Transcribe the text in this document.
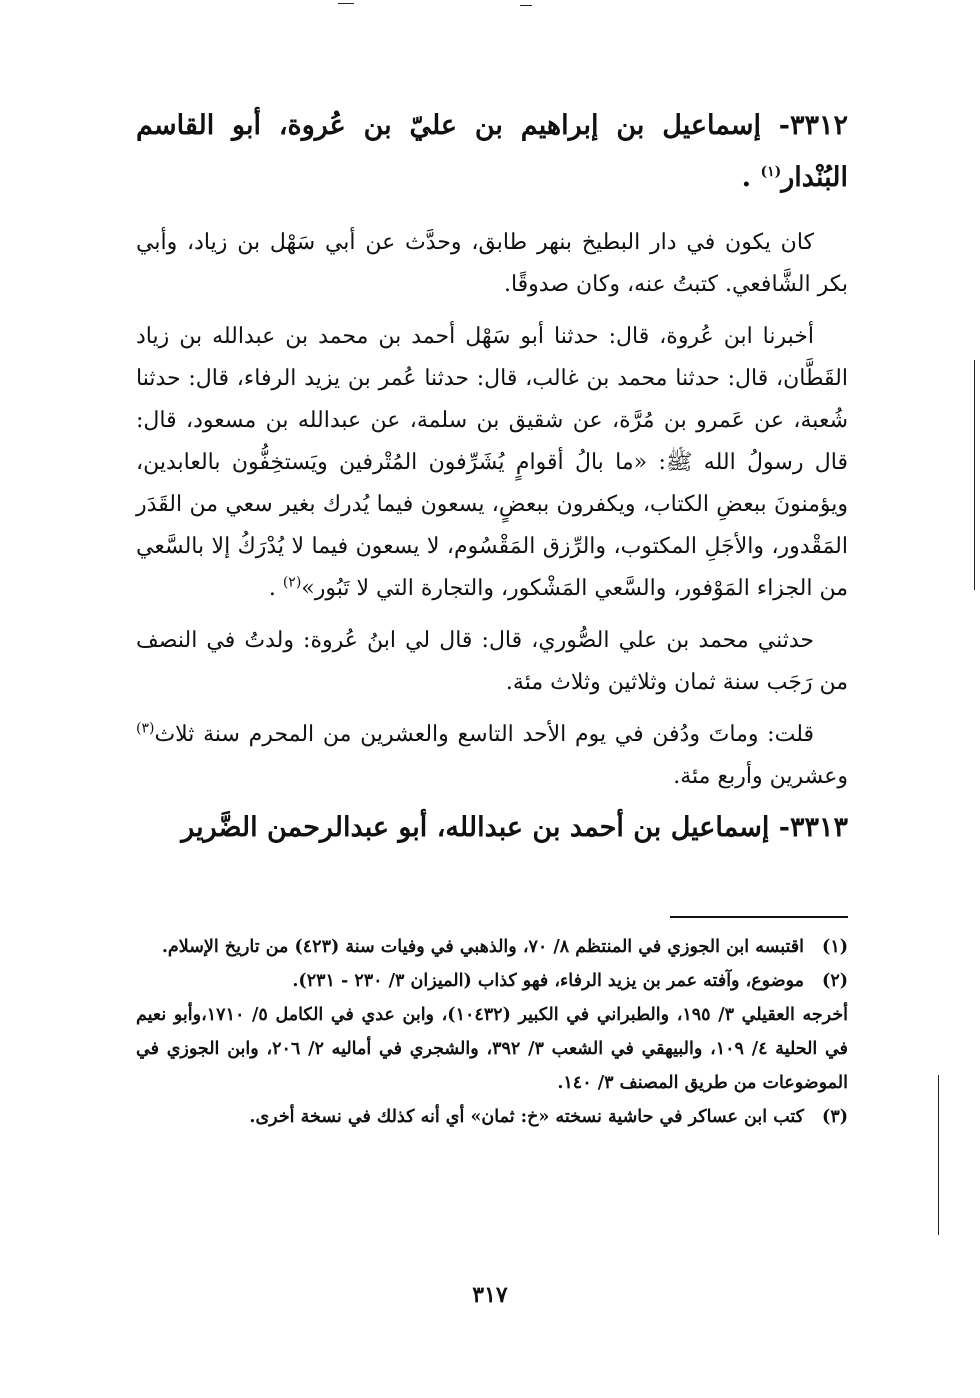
٣٣١٢- إسماعيل بن إبراهيم بن عليّ بن عُروة، أبو القاسم البُنْدار$^{(١)}$ .

كان يكون في دار البطيخ بنهر طابق، وحدَّث عن أبي سَهْل بن زياد، وأبي بكر الشَّافعي. كتبتُ عنه، وكان صدوقًا.

أخبرنا ابن عُروة، قال: حدثنا أبو سَهْل أحمد بن محمد بن عبدالله بن زياد القَطَّان، قال: حدثنا محمد بن غالب، قال: حدثنا عُمر بن يزيد الرفاء، قال: حدثنا شُعبة، عن عَمرو بن مُرَّة، عن شقيق بن سلمة، عن عبدالله بن مسعود، قال: قال رسولُ الله ﷺ: «ما بالُ أقوامٍ يُشَرِّفون المُتْرفين ويَستخِفُّون بالعابدين، ويؤمنونَ ببعضِ الكتاب، ويكفرون ببعضٍ، يسعون فيما يُدرك بغير سعي من القَدَر المَقْدور، والأجَلِ المكتوب، والرِّزق المَقْسُوم، لا يسعون فيما لا يُدْرَكُ إلا بالسَّعي من الجزاء المَوْفور، والسَّعي المَشْكور، والتجارة التي لا تَبُور»$^{(٢)}$ .

حدثني محمد بن علي الصُّوري، قال: قال لي ابنُ عُروة: ولدتُ في النصف من رَجَب سنة ثمان وثلاثين وثلاث مئة.

قلت: وماتَ ودُفن في يوم الأحد التاسع والعشرين من المحرم سنة ثلاث$^{(٣)}$ وعشرين وأربع مئة.

٣٣١٣- إسماعيل بن أحمد بن عبدالله، أبو عبدالرحمن الضَّرير

(١)
اقتبسه ابن الجوزي في المنتظم ٨/ ٧٠، والذهبي في وفيات سنة (٤٢٣) من تاريخ الإسلام.
(٢)
موضوع، وآفته عمر بن يزيد الرفاء، فهو كذاب (الميزان ٣/ ٢٣٠ - ٢٣١).

أخرجه العقيلي ٣/ ١٩٥، والطبراني في الكبير (١٠٤٣٢)، وابن عدي في الكامل ٥/ ١٧١٠،وأبو نعيم في الحلية ٤/ ١٠٩، والبيهقي في الشعب ٣/ ٣٩٢، والشجري في أماليه ٢/ ٢٠٦، وابن الجوزي في الموضوعات من طريق المصنف ٣/ ١٤٠.

(٣)
كتب ابن عساكر في حاشية نسخته «خ: ثمان» أي أنه كذلك في نسخة أخرى.
٣١٧
